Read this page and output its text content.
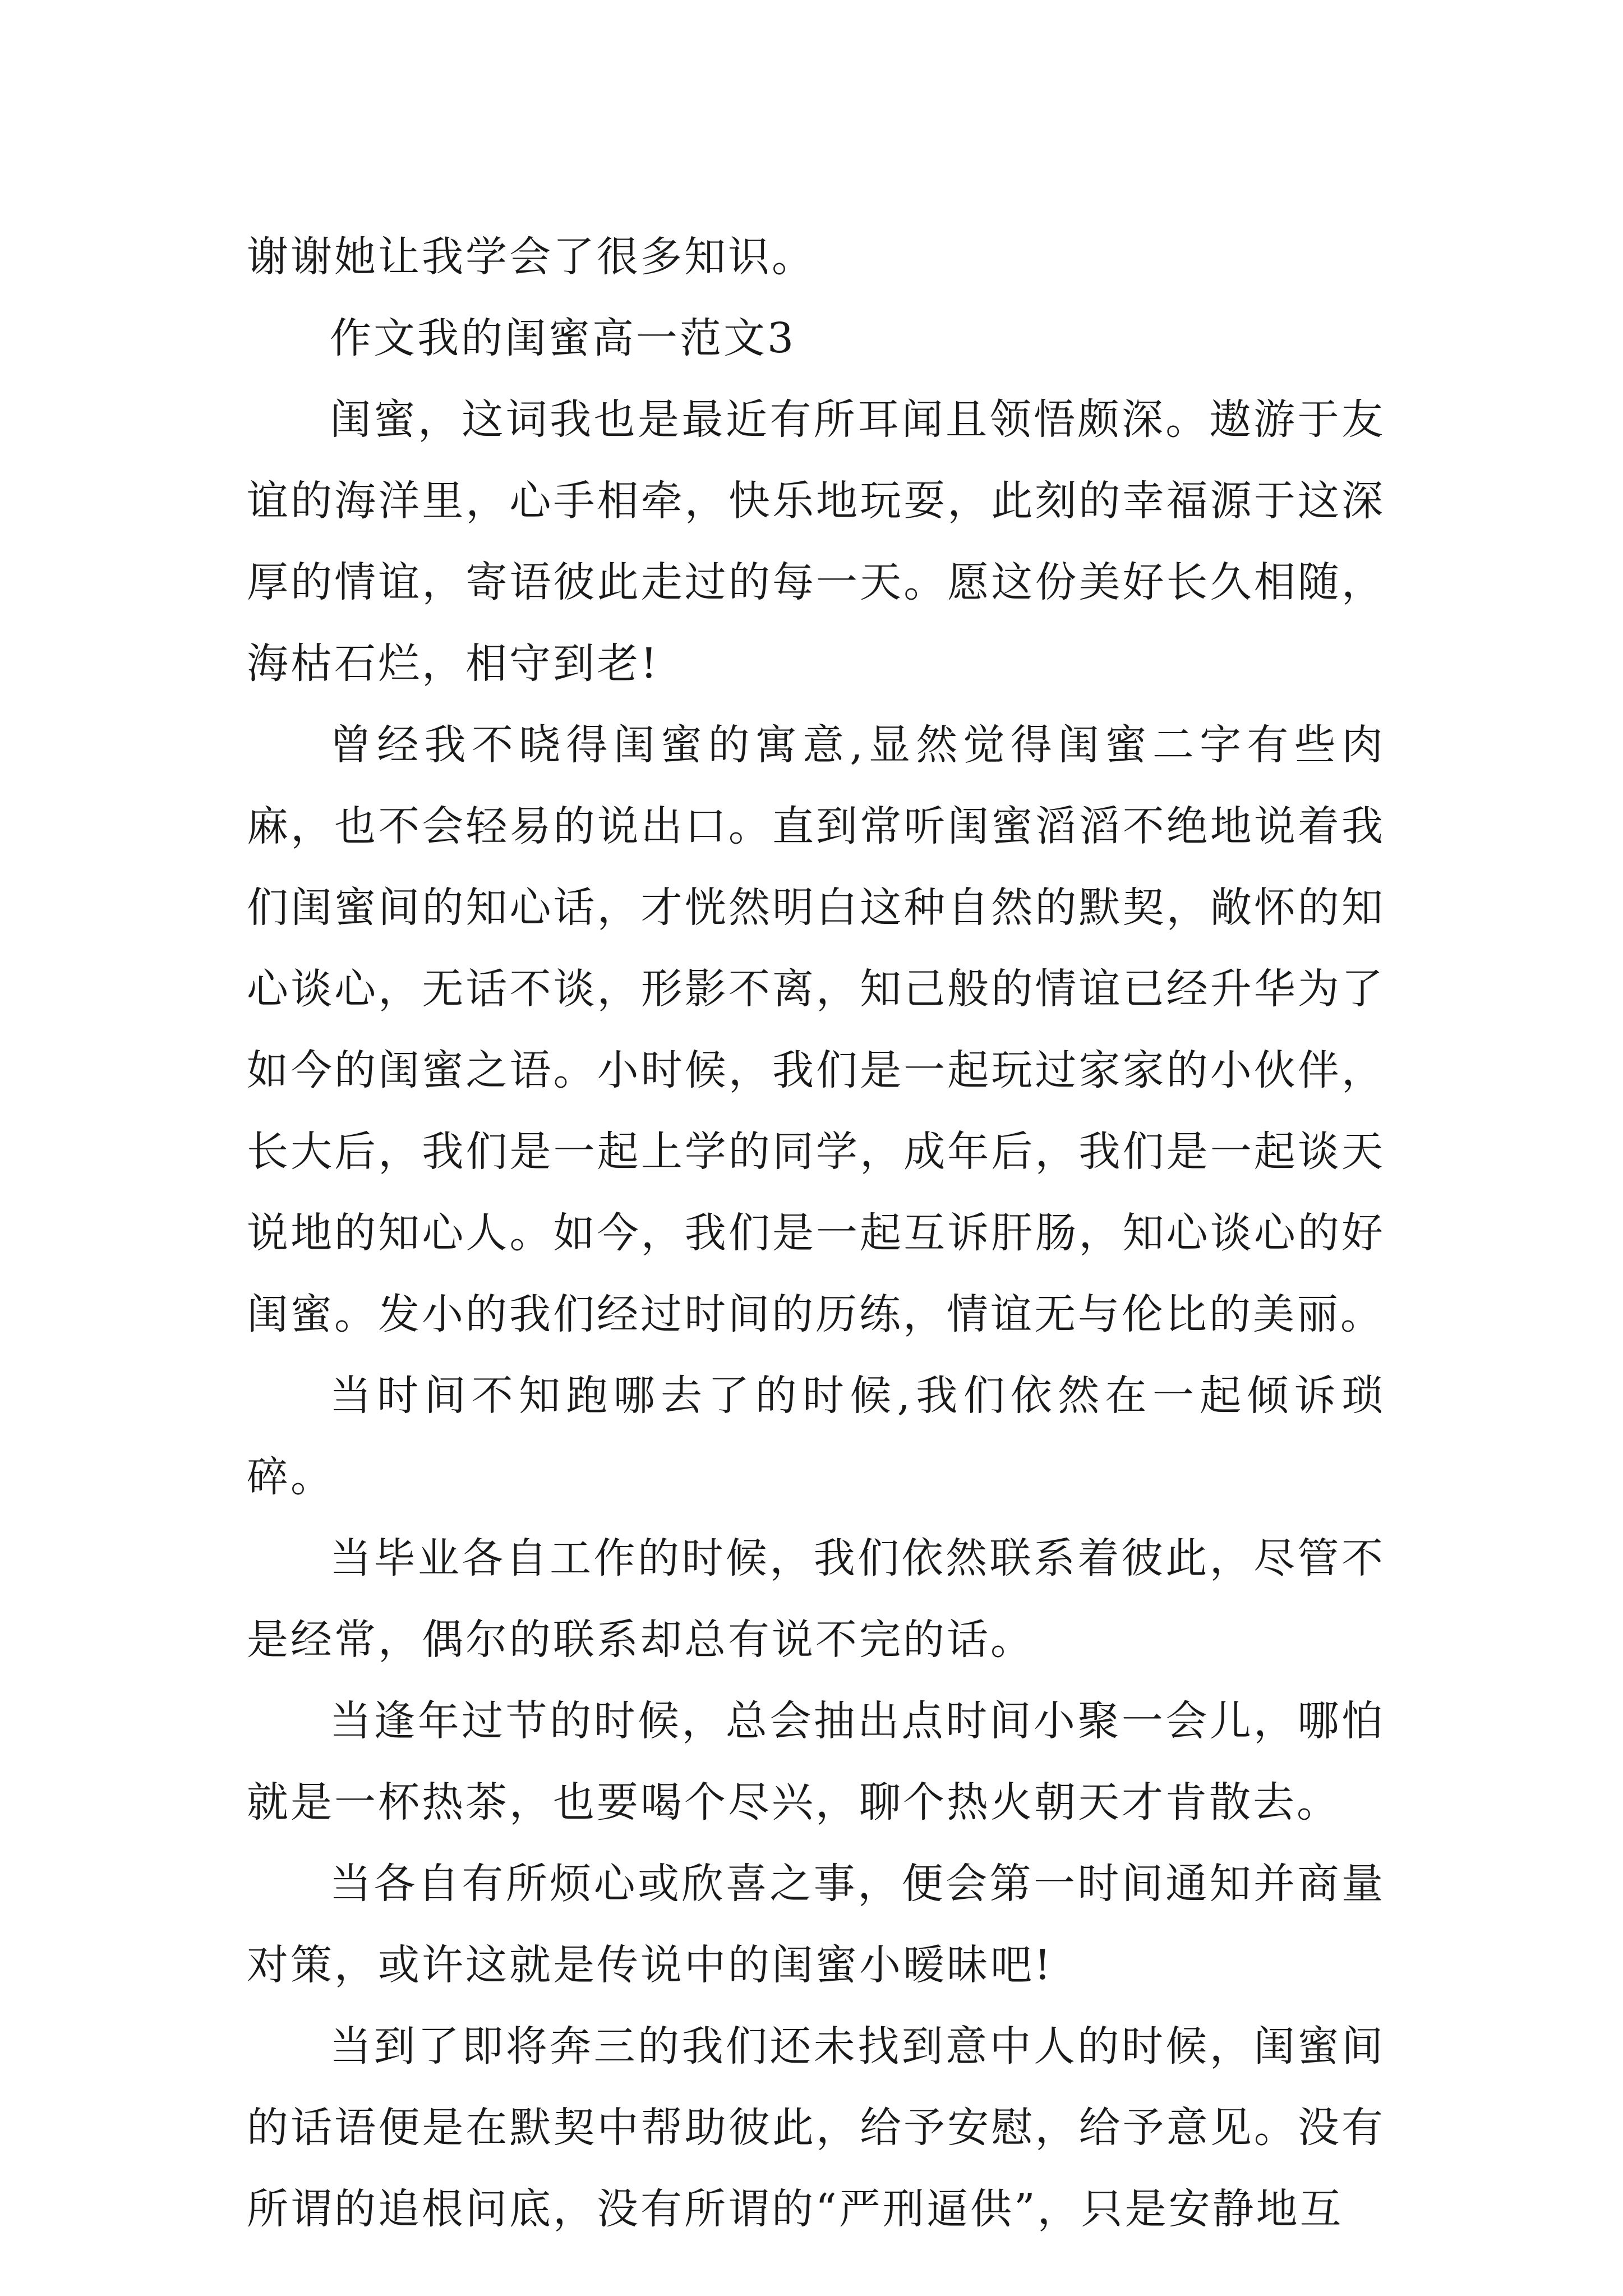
谢谢她让我学会了很多知识。

作文我的闺蜜高一范文3

闺蜜，这词我也是最近有所耳闻且领悟颇深。遨游于友谊的海洋里，心手相牵，快乐地玩耍，此刻的幸福源于这深厚的情谊，寄语彼此走过的每一天。愿这份美好长久相随，海枯石烂，相守到老!

曾经我不晓得闺蜜的寓意,显然觉得闺蜜二字有些肉麻，也不会轻易的说出口。直到常听闺蜜滔滔不绝地说着我们闺蜜间的知心话，才恍然明白这种自然的默契，敞怀的知心谈心，无话不谈，形影不离，知己般的情谊已经升华为了如今的闺蜜之语。小时候，我们是一起玩过家家的小伙伴，长大后，我们是一起上学的同学，成年后，我们是一起谈天说地的知心人。如今，我们是一起互诉肝肠，知心谈心的好闺蜜。发小的我们经过时间的历练，情谊无与伦比的美丽。

当时间不知跑哪去了的时候,我们依然在一起倾诉琐碎。

当毕业各自工作的时候，我们依然联系着彼此，尽管不是经常，偶尔的联系却总有说不完的话。

当逢年过节的时候，总会抽出点时间小聚一会儿，哪怕就是一杯热茶，也要喝个尽兴，聊个热火朝天才肯散去。

当各自有所烦心或欣喜之事，便会第一时间通知并商量对策，或许这就是传说中的闺蜜小暧昧吧!

当到了即将奔三的我们还未找到意中人的时候，闺蜜间的话语便是在默契中帮助彼此，给予安慰，给予意见。没有所谓的追根问底，没有所谓的“严刑逼供”，只是安静地互
